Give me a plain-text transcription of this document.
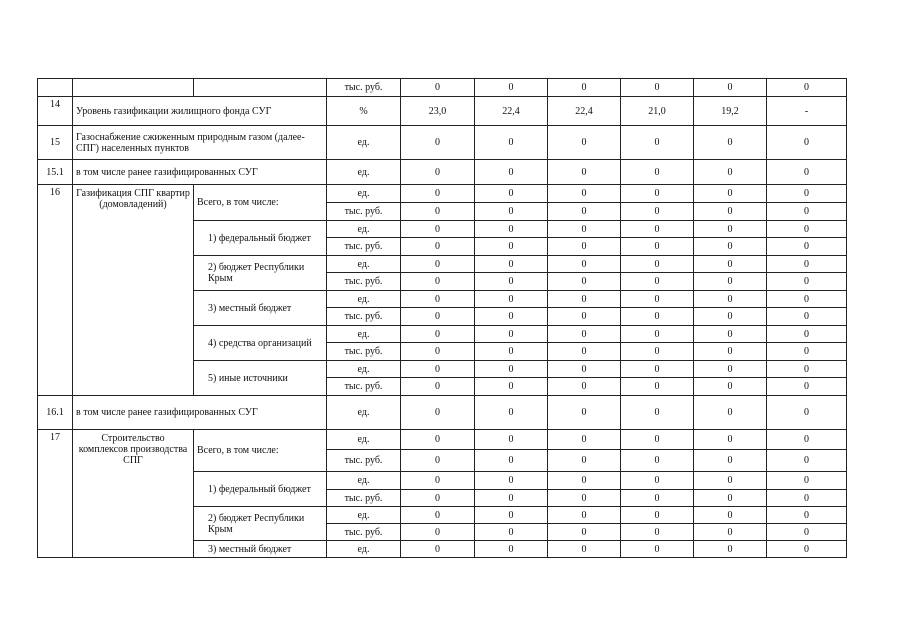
			тыс. руб.	0	0	0	0	0	0
14	Уровень газификации жилищного фонда СУГ		%	23,0	22,4	22,4	21,0	19,2	-
15	Газоснабжение сжиженным природным газом (далее-СПГ) населенных пунктов		ед.	0	0	0	0	0	0
15.1	в том числе ранее газифицированных СУГ		ед.	0	0	0	0	0	0
16	Газификация СПГ квартир (домовладений)	Всего, в том числе:	ед.	0	0	0	0	0	0
			тыс. руб.	0	0	0	0	0	0
		1) федеральный бюджет	ед.	0	0	0	0	0	0
			тыс. руб.	0	0	0	0	0	0
		2) бюджет Республики Крым	ед.	0	0	0	0	0	0
			тыс. руб.	0	0	0	0	0	0
		3) местный бюджет	ед.	0	0	0	0	0	0
			тыс. руб.	0	0	0	0	0	0
		4) средства организаций	ед.	0	0	0	0	0	0
			тыс. руб.	0	0	0	0	0	0
		5) иные источники	ед.	0	0	0	0	0	0
			тыс. руб.	0	0	0	0	0	0
16.1	в том числе ранее газифицированных СУГ		ед.	0	0	0	0	0	0
17	Строительство комплексов производства СПГ	Всего, в том числе:	ед.	0	0	0	0	0	0
			тыс. руб.	0	0	0	0	0	0
		1) федеральный бюджет	ед.	0	0	0	0	0	0
			тыс. руб.	0	0	0	0	0	0
		2) бюджет Республики Крым	ед.	0	0	0	0	0	0
			тыс. руб.	0	0	0	0	0	0
		3) местный бюджет	ед.	0	0	0	0	0	0
